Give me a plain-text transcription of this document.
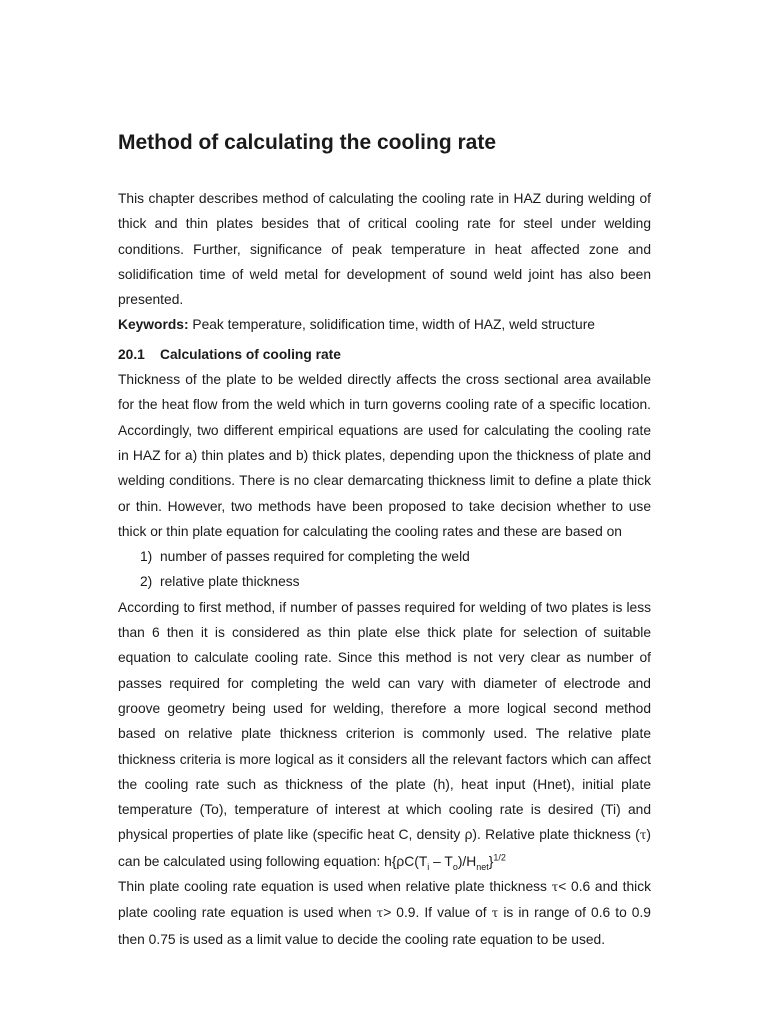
Method of calculating the cooling rate

This chapter describes method of calculating the cooling rate in HAZ during welding of thick and thin plates besides that of critical cooling rate for steel under welding conditions. Further, significance of peak temperature in heat affected zone and solidification time of weld metal for development of sound weld joint has also been presented.

Keywords: Peak temperature, solidification time, width of HAZ, weld structure

20.1 Calculations of cooling rate

Thickness of the plate to be welded directly affects the cross sectional area available for the heat flow from the weld which in turn governs cooling rate of a specific location. Accordingly, two different empirical equations are used for calculating the cooling rate in HAZ for a) thin plates and b) thick plates, depending upon the thickness of plate and welding conditions. There is no clear demarcating thickness limit to define a plate thick or thin. However, two methods have been proposed to take decision whether to use thick or thin plate equation for calculating the cooling rates and these are based on

1) number of passes required for completing the weld
2) relative plate thickness

According to first method, if number of passes required for welding of two plates is less than 6 then it is considered as thin plate else thick plate for selection of suitable equation to calculate cooling rate. Since this method is not very clear as number of passes required for completing the weld can vary with diameter of electrode and groove geometry being used for welding, therefore a more logical second method based on relative plate thickness criterion is commonly used. The relative plate thickness criteria is more logical as it considers all the relevant factors which can affect the cooling rate such as thickness of the plate (h), heat input (Hnet), initial plate temperature (To), temperature of interest at which cooling rate is desired (Ti) and physical properties of plate like (specific heat C, density ρ). Relative plate thickness (τ) can be calculated using following equation: $h\{\rho C(T_i - T_o)/H_{net}\}^{1/2}$

Thin plate cooling rate equation is used when relative plate thickness τ< 0.6 and thick plate cooling rate equation is used when τ> 0.9. If value of τ is in range of 0.6 to 0.9 then 0.75 is used as a limit value to decide the cooling rate equation to be used.
